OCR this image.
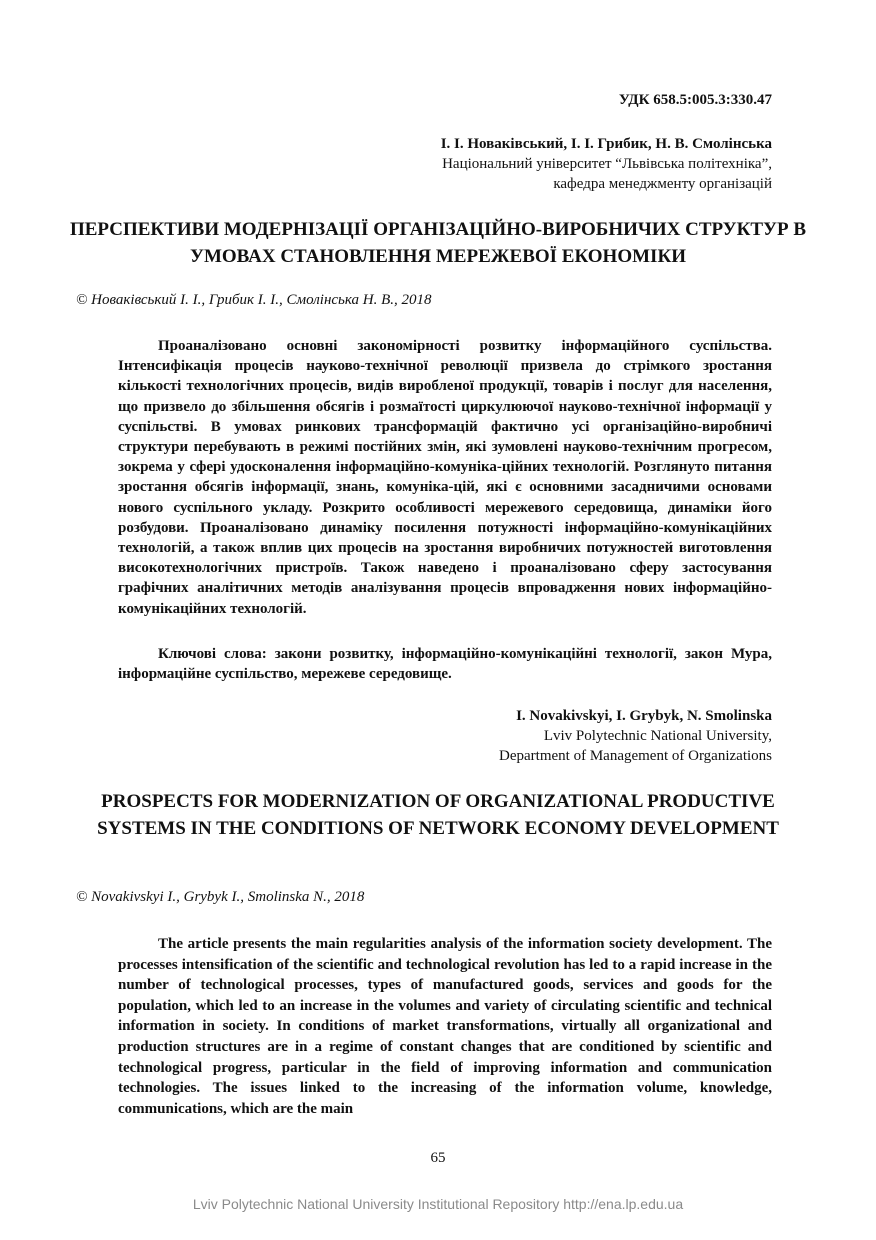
УДК 658.5:005.3:330.47
І. І. Новаківський, І. І. Грибик, Н. В. Смолінська
Національний університет “Львівська політехніка”,
кафедра менеджменту організацій
ПЕРСПЕКТИВИ МОДЕРНІЗАЦІЇ ОРГАНІЗАЦІЙНО-ВИРОБНИЧИХ СТРУКТУР В УМОВАХ СТАНОВЛЕННЯ МЕРЕЖЕВОЇ ЕКОНОМІКИ
© Новаківський І. І., Грибик І. І., Смолінська Н. В., 2018

Проаналізовано основні закономірності розвитку інформаційного суспільства. Інтенсифікація процесів науково-технічної революції призвела до стрімкого зростання кількості технологічних процесів, видів виробленої продукції, товарів і послуг для населення, що призвело до збільшення обсягів і розмаїтості циркулюючої науково-технічної інформації у суспільстві. В умовах ринкових трансформацій фактично усі організаційно-виробничі структури перебувають в режимі постійних змін, які зумовлені науково-технічним прогресом, зокрема у сфері удосконалення інформаційно-комуніка-ційних технологій. Розглянуто питання зростання обсягів інформації, знань, комуніка-цій, які є основними засадничими основами нового суспільного укладу. Розкрито особливості мережевого середовища, динаміки його розбудови. Проаналізовано динаміку посилення потужності інформаційно-комунікаційних технологій, а також вплив цих процесів на зростання виробничих потужностей виготовлення високотехнологічних пристроїв. Також наведено і проаналізовано сферу застосування графічних аналітичних методів аналізування процесів впровадження нових інформаційно-комунікаційних технологій.

Ключові слова: закони розвитку, інформаційно-комунікаційні технології, закон Мура, інформаційне суспільство, мережеве середовище.

I. Novakivskyi, I. Grybyk, N. Smolinska
Lviv Polytechnic National University,
Department of Management of Organizations
PROSPECTS FOR MODERNIZATION OF ORGANIZATIONAL PRODUCTIVE SYSTEMS IN THE CONDITIONS OF NETWORK ECONOMY DEVELOPMENT
© Novakivskyi I., Grybyk I., Smolinska N., 2018

The article presents the main regularities analysis of the information society development. The processes intensification of the scientific and technological revolution has led to a rapid increase in the number of technological processes, types of manufactured goods, services and goods for the population, which led to an increase in the volumes and variety of circulating scientific and technical information in society. In conditions of market transformations, virtually all organizational and production structures are in a regime of constant changes that are conditioned by scientific and technological progress, particular in the field of improving information and communication technologies. The issues linked to the increasing of the information volume, knowledge, communications, which are the main

65
Lviv Polytechnic National University Institutional Repository http://ena.lp.edu.ua
